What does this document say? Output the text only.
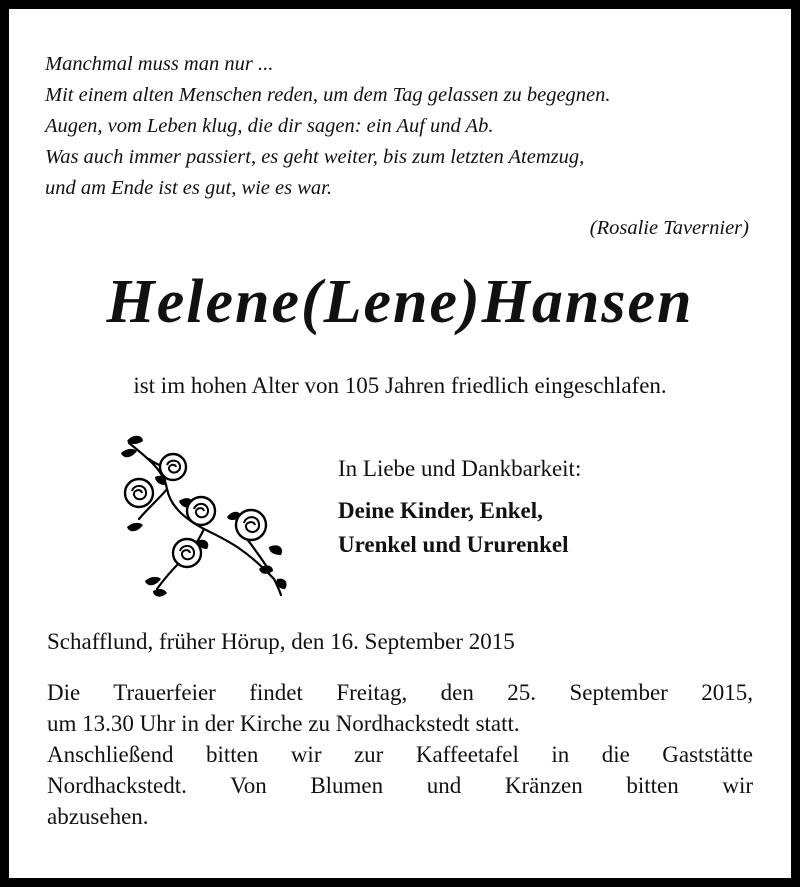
Manchmal muss man nur ...
Mit einem alten Menschen reden, um dem Tag gelassen zu begegnen.
Augen, vom Leben klug, die dir sagen: ein Auf und Ab.
Was auch immer passiert, es geht weiter, bis zum letzten Atemzug,
und am Ende ist es gut, wie es war.
(Rosalie Tavernier)
Helene(Lene)Hansen
ist im hohen Alter von 105 Jahren friedlich eingeschlafen.
In Liebe und Dankbarkeit:
Deine Kinder, Enkel,
Urenkel und Ururenkel
Schafflund, früher Hörup, den 16. September 2015
Die Trauerfeier findet Freitag, den 25. September 2015,
um 13.30 Uhr in der Kirche zu Nordhackstedt statt.
Anschließend bitten wir zur Kaffeetafel in die Gaststätte
Nordhackstedt. Von Blumen und Kränzen bitten wir
abzusehen.
